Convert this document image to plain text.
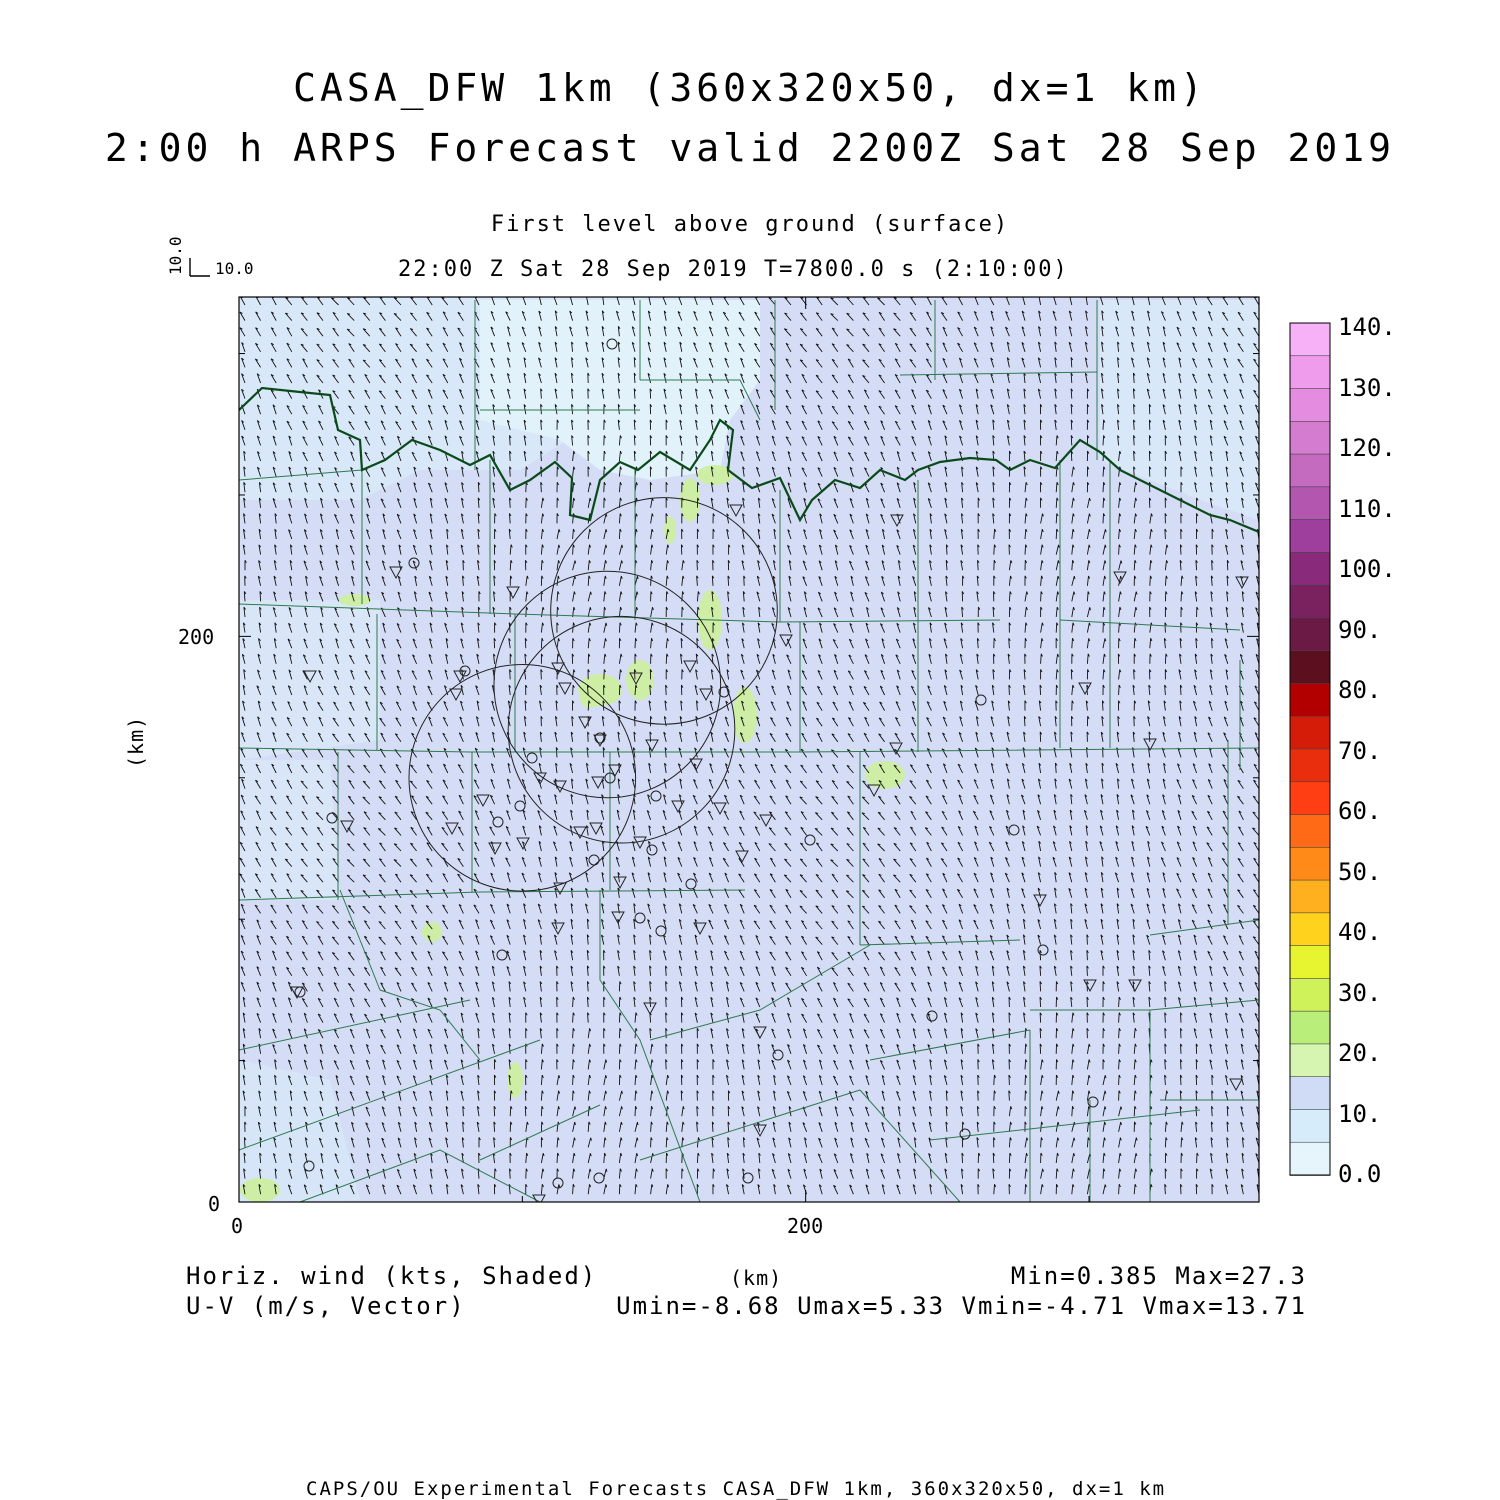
CASA_DFW 1km (360x320x50, dx=1 km)
2:00 h ARPS Forecast valid 2200Z Sat 28 Sep 2019
First level above ground (surface)
22:00 Z Sat 28 Sep 2019 T=7800.0 s (2:10:00)
10.0
10.0
200
0
0	200
(km)
(km)
Horiz. wind (kts, Shaded)
U-V (m/s, Vector)
Min=0.385 Max=27.3
Umin=-8.68 Umax=5.33 Vmin=-4.71 Vmax=13.71
140.
130.
120.
110.
100.
90.
80.
70.
60.
50.
40.
30.
20.
10.
0.0
CAPS/OU Experimental Forecasts CASA_DFW 1km, 360x320x50, dx=1 km
